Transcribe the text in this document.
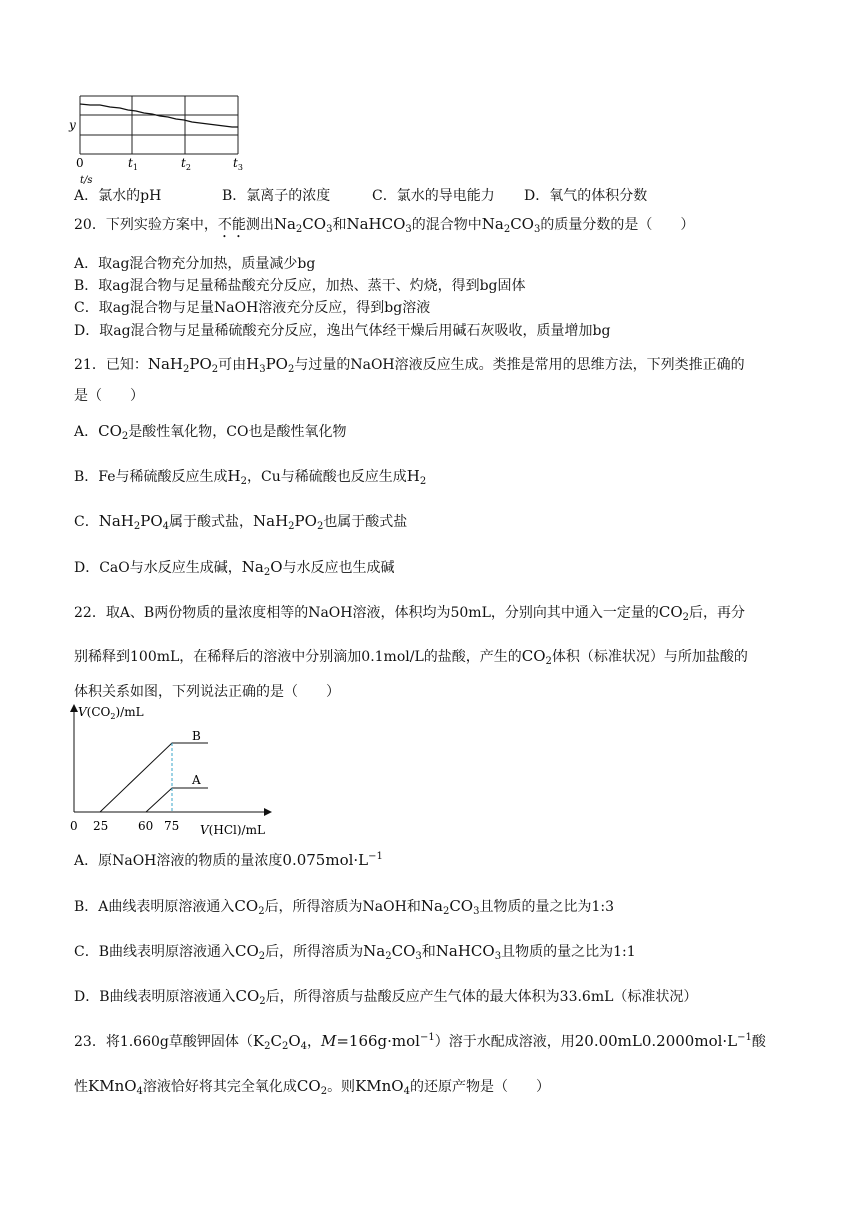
y
0	$t_1$	$t_2$	$t_3$
t/s
A．氯水的pH	B．氯离子的浓度	C．氯水的导电能力 D．氧气的体积分数
20．下列实验方案中，不能测出$Na_2CO_3$和NaHCO$_3$的混合物中$Na_2CO_3$的质量分数的是（　　）
A．取ag混合物充分加热，质量减少bg
B．取ag混合物与足量稀盐酸充分反应，加热、蒸干、灼烧，得到bg固体
C．取ag混合物与足量NaOH溶液充分反应，得到bg溶液
D．取ag混合物与足量稀硫酸充分反应，逸出气体经干燥后用碱石灰吸收，质量增加bg
21．已知：$NaH_2PO_2$可由$H_3PO_2$与过量的NaOH溶液反应生成。类推是常用的思维方法，下列类推正确的
是（　　）
A．$CO_2$是酸性氧化物，CO也是酸性氧化物
B．Fe与稀硫酸反应生成$H_2$，Cu与稀硫酸也反应生成$H_2$
C．$NaH_2PO_4$属于酸式盐，$NaH_2PO_2$也属于酸式盐
D．CaO与水反应生成碱，$Na_2O$与水反应也生成碱
22．取A、B两份物质的量浓度相等的NaOH溶液，体积均为50mL，分别向其中通入一定量的$CO_2$后，再分
别稀释到100mL，在稀释后的溶液中分别滴加0.1mol/L的盐酸，产生的$CO_2$体积（标准状况）与所加盐酸的
体积关系如图，下列说法正确的是（　　）
$V(CO_2)/mL$
B
A
0 25 60 75 V(HCl)/mL
A．原NaOH溶液的物质的量浓度$0.075mol\cdot L^{-1}$
B．A曲线表明原溶液通入$CO_2$后，所得溶质为NaOH和$Na_2CO_3$且物质的量之比为1:3
C．B曲线表明原溶液通入$CO_2$后，所得溶质为$Na_2CO_3$和NaHCO$_3$且物质的量之比为1:1
D．B曲线表明原溶液通入$CO_2$后，所得溶质与盐酸反应产生气体的最大体积为33.6mL（标准状况）
23．将1.660g草酸钾固体（$K_2C_2O_4$，M=166g·mol$^{-1}$）溶于水配成溶液，用$20.00mL0.2000mol\cdot L^{-1}$酸
性KMnO$_4$溶液恰好将其完全氧化成$CO_2$。则KMnO$_4$的还原产物是（　　）
